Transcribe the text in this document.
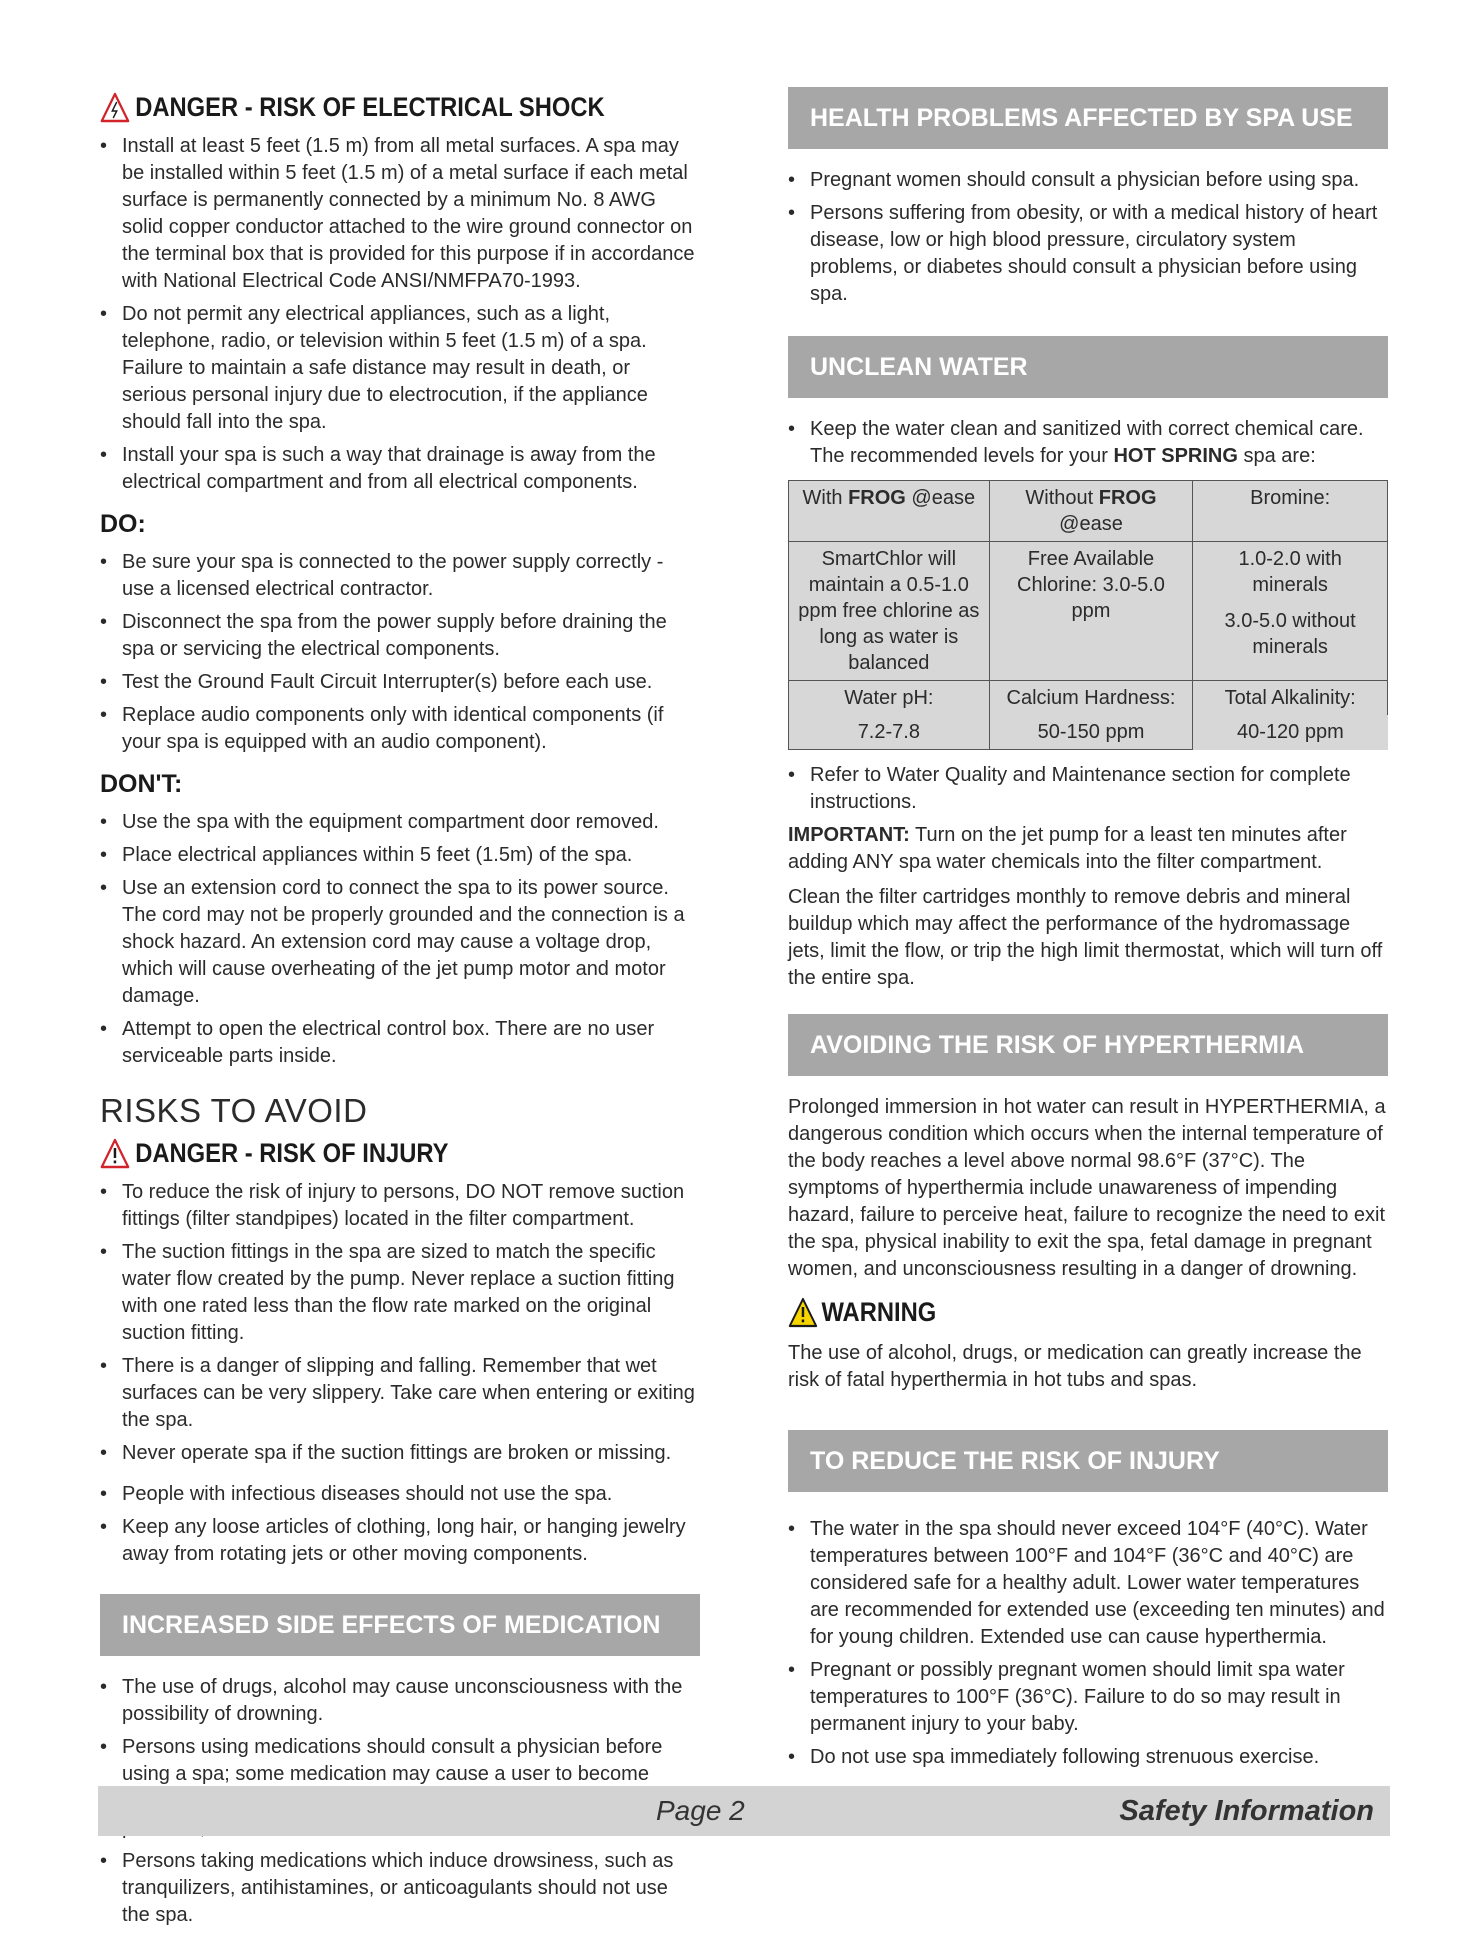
DANGER - RISK OF ELECTRICAL SHOCK
• Install at least 5 feet (1.5 m) from all metal surfaces. A spa may be installed within 5 feet (1.5 m) of a metal surface if each metal surface is permanently connected by a minimum No. 8 AWG solid copper conductor attached to the wire ground connector on the terminal box that is provided for this purpose if in accordance with National Electrical Code ANSI/NMFPA70-1993.
• Do not permit any electrical appliances, such as a light, telephone, radio, or television within 5 feet (1.5 m) of a spa. Failure to maintain a safe distance may result in death, or serious personal injury due to electrocution, if the appliance should fall into the spa.
• Install your spa is such a way that drainage is away from the electrical compartment and from all electrical components.
DO:
• Be sure your spa is connected to the power supply correctly - use a licensed electrical contractor.
• Disconnect the spa from the power supply before draining the spa or servicing the electrical components.
• Test the Ground Fault Circuit Interrupter(s) before each use.
• Replace audio components only with identical components (if your spa is equipped with an audio component).
DON'T:
• Use the spa with the equipment compartment door removed.
• Place electrical appliances within 5 feet (1.5m) of the spa.
• Use an extension cord to connect the spa to its power source. The cord may not be properly grounded and the connection is a shock hazard. An extension cord may cause a voltage drop, which will cause overheating of the jet pump motor and motor damage.
• Attempt to open the electrical control box. There are no user serviceable parts inside.
RISKS TO AVOID
DANGER - RISK OF INJURY
• To reduce the risk of injury to persons, DO NOT remove suction fittings (filter standpipes) located in the filter compartment.
• The suction fittings in the spa are sized to match the specific water flow created by the pump. Never replace a suction fitting with one rated less than the flow rate marked on the original suction fitting.
• There is a danger of slipping and falling. Remember that wet surfaces can be very slippery. Take care when entering or exiting the spa.
• Never operate spa if the suction fittings are broken or missing.
• People with infectious diseases should not use the spa.
• Keep any loose articles of clothing, long hair, or hanging jewelry away from rotating jets or other moving components.
INCREASED SIDE EFFECTS OF MEDICATION
• The use of drugs, alcohol may cause unconsciousness with the possibility of drowning.
• Persons using medications should consult a physician before using a spa; some medication may cause a user to become
• Persons taking medications which induce drowsiness, such as tranquilizers, antihistamines, or anticoagulants should not use the spa.
HEALTH PROBLEMS AFFECTED BY SPA USE
• Pregnant women should consult a physician before using spa.
• Persons suffering from obesity, or with a medical history of heart disease, low or high blood pressure, circulatory system problems, or diabetes should consult a physician before using spa.
UNCLEAN WATER
• Keep the water clean and sanitized with correct chemical care. The recommended levels for your HOT SPRING spa are:
With FROG @ease	Without FROG @ease	Bromine:
SmartChlor will maintain a 0.5-1.0 ppm free chlorine as long as water is balanced	Free Available Chlorine: 3.0-5.0 ppm	1.0-2.0 with minerals
3.0-5.0 without minerals

Water pH:	Calcium Hardness:	Total Alkalinity:
7.2-7.8	50-150 ppm	40-120 ppm
• Refer to Water Quality and Maintenance section for complete instructions.

IMPORTANT: Turn on the jet pump for a least ten minutes after adding ANY spa water chemicals into the filter compartment.

Clean the filter cartridges monthly to remove debris and mineral buildup which may affect the performance of the hydromassage jets, limit the flow, or trip the high limit thermostat, which will turn off the entire spa.

AVOIDING THE RISK OF HYPERTHERMIA

Prolonged immersion in hot water can result in HYPERTHERMIA, a dangerous condition which occurs when the internal temperature of the body reaches a level above normal 98.6°F (37°C). The symptoms of hyperthermia include unawareness of impending hazard, failure to perceive heat, failure to recognize the need to exit the spa, physical inability to exit the spa, fetal damage in pregnant women, and unconsciousness resulting in a danger of drowning.

WARNING

The use of alcohol, drugs, or medication can greatly increase the risk of fatal hyperthermia in hot tubs and spas.

TO REDUCE THE RISK OF INJURY
• The water in the spa should never exceed 104°F (40°C). Water temperatures between 100°F and 104°F (36°C and 40°C) are considered safe for a healthy adult. Lower water temperatures are recommended for extended use (exceeding ten minutes) and for young children. Extended use can cause hyperthermia.
• Pregnant or possibly pregnant women should limit spa water temperatures to 100°F (36°C). Failure to do so may result in permanent injury to your baby.
• Do not use spa immediately following strenuous exercise.
Page 2	Safety Information
